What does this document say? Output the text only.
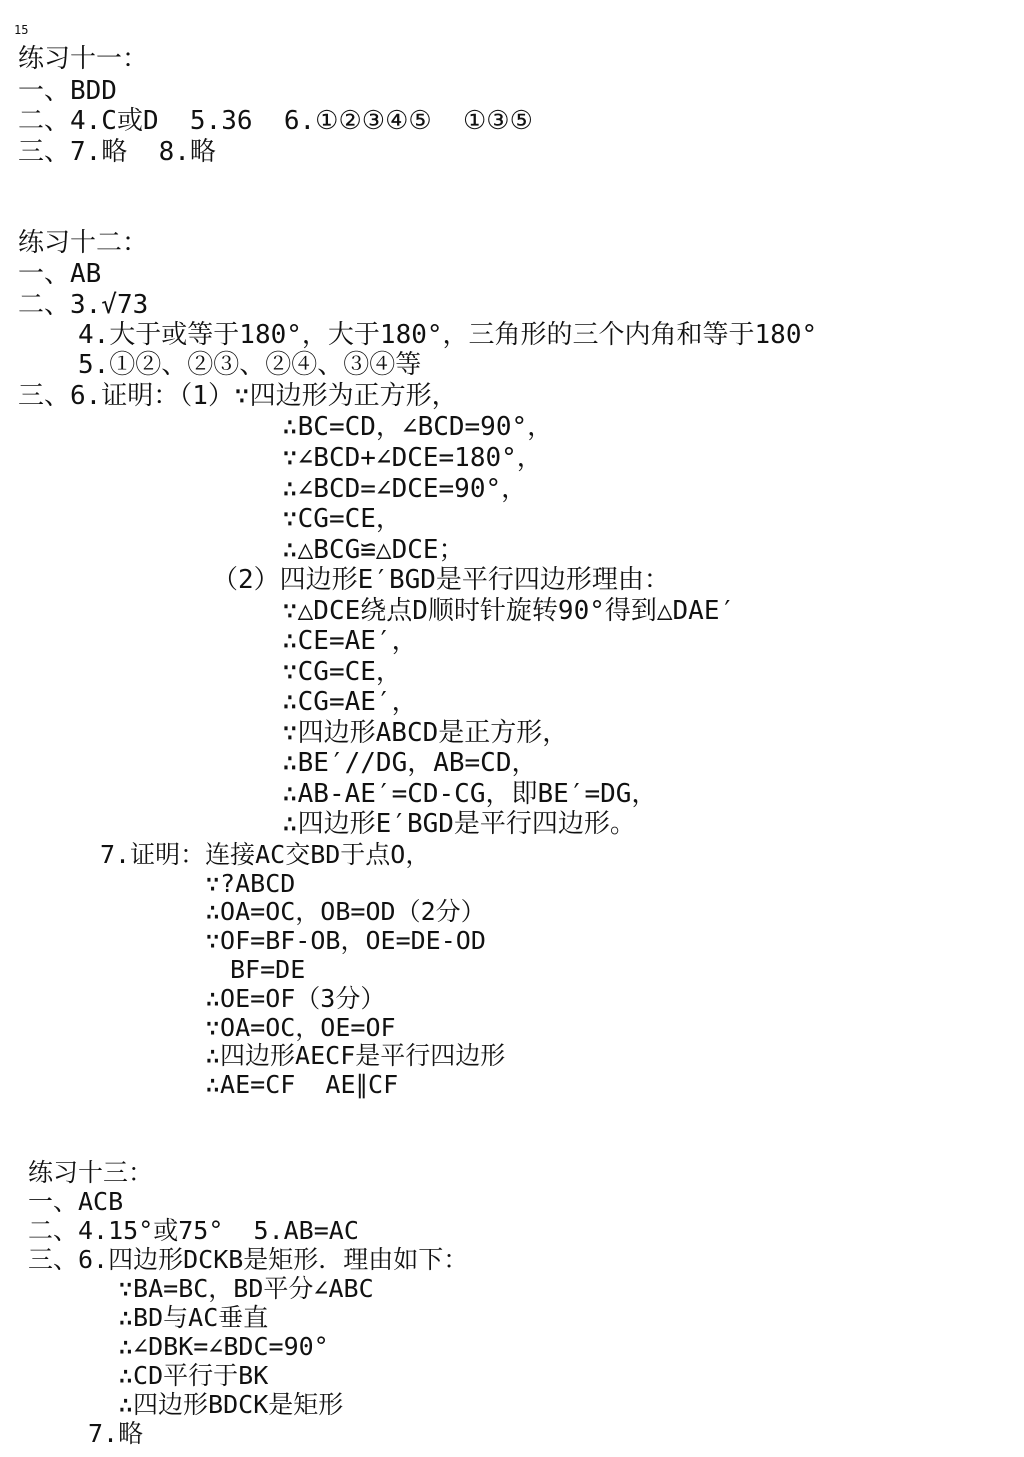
15
练习十一：
一、BDD
二、4.C或D  5.36  6.①②③④⑤  ①③⑤
三、7.略  8.略
练习十二：
一、AB
二、3.√73
4.大于或等于180°，大于180°，三角形的三个内角和等于180°
5.①②、②③、②④、③④等
三、6.证明：（1）∵四边形为正方形，
∴BC=CD，∠BCD=90°，
∵∠BCD+∠DCE=180°，
∴∠BCD=∠DCE=90°，
∵CG=CE，
∴△BCG≌△DCE；
（2）四边形E′BGD是平行四边形理由：
∵△DCE绕点D顺时针旋转90°得到△DAE′
∴CE=AE′，
∵CG=CE，
∴CG=AE′，
∵四边形ABCD是正方形，
∴BE′//DG，AB=CD，
∴AB-AE′=CD-CG，即BE′=DG，
∴四边形E′BGD是平行四边形。
7.证明：连接AC交BD于点O，
∵?ABCD
∴OA=OC，OB=OD（2分）
∵OF=BF-OB，OE=DE-OD
BF=DE
∴OE=OF（3分）
∵OA=OC，OE=OF
∴四边形AECF是平行四边形
∴AE=CF  AE∥CF
练习十三：
一、ACB
二、4.15°或75°  5.AB=AC
三、6.四边形DCKB是矩形．理由如下：
∵BA=BC，BD平分∠ABC
∴BD与AC垂直
∴∠DBK=∠BDC=90°
∴CD平行于BK
∴四边形BDCK是矩形
7.略
